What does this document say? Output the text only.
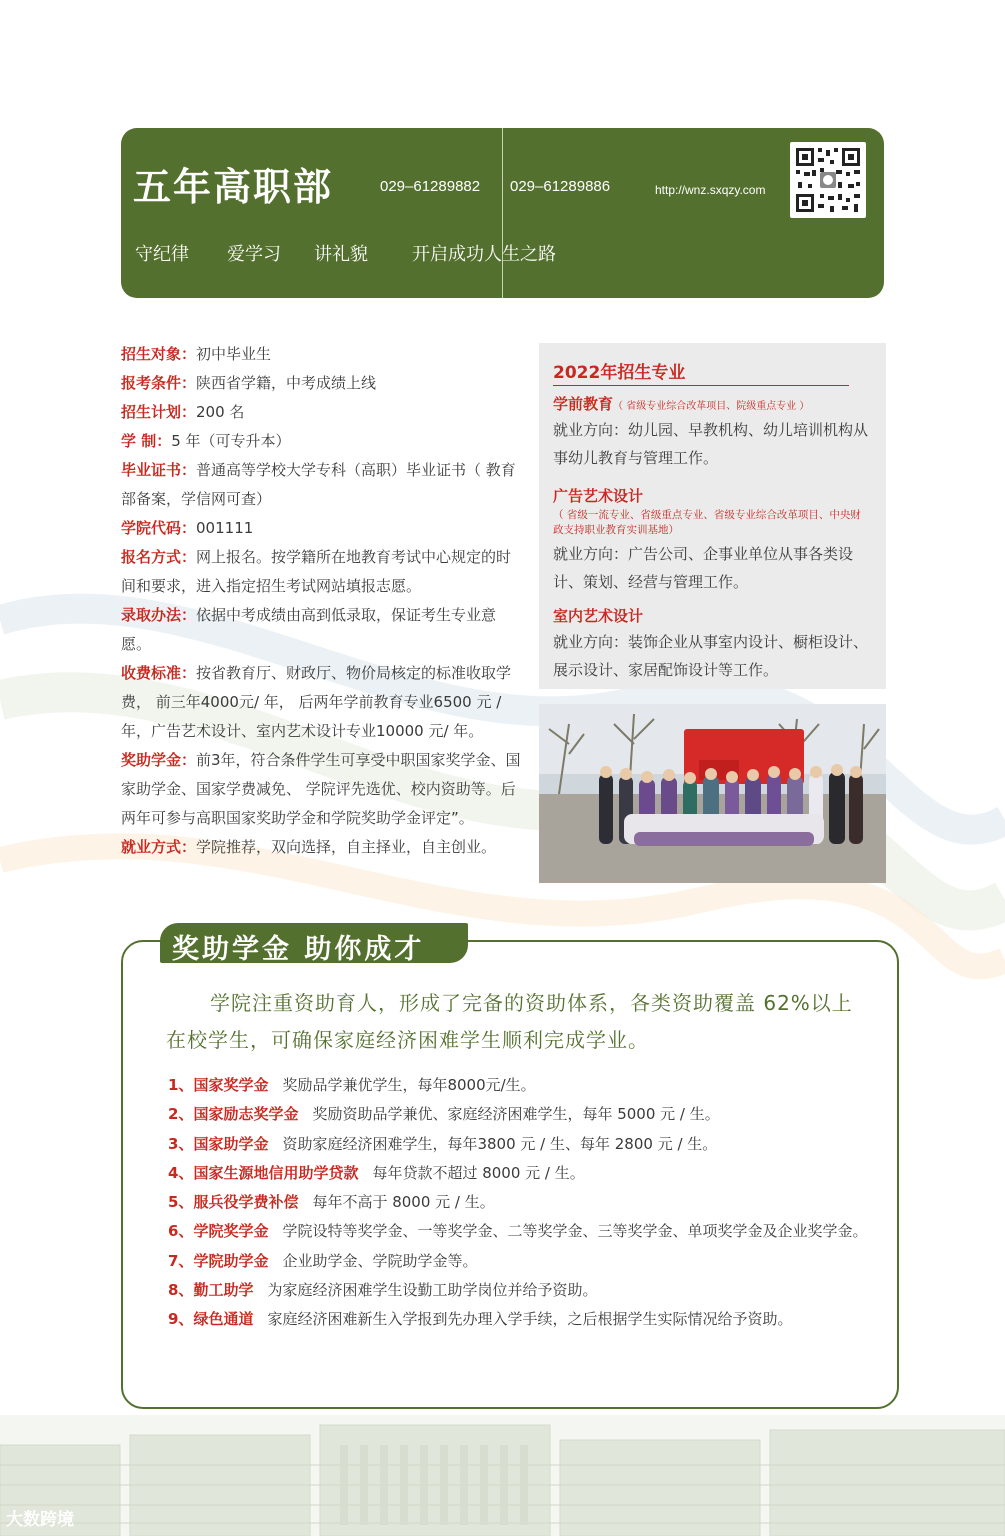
五年高职部	029–61289882 029–61289886	http://wnz.sxqzy.com
守纪律 爱学习 讲礼貌 开启成功人生之路

招生对象：初中毕业生

报考条件：陕西省学籍，中考成绩上线

招生计划：200 名

学 制：5 年（可专升本）

毕业证书：普通高等学校大学专科（高职）毕业证书（ 教育部备案，学信网可查）

学院代码：001111

报名方式：网上报名。按学籍所在地教育考试中心规定的时间和要求，进入指定招生考试网站填报志愿。

录取办法：依据中考成绩由高到低录取，保证考生专业意愿。

收费标准：按省教育厅、财政厅、物价局核定的标准收取学费， 前三年4000元/ 年， 后两年学前教育专业6500 元 / 年，广告艺术设计、室内艺术设计专业10000 元/ 年。

奖助学金：前3年，符合条件学生可享受中职国家奖学金、国家助学金、国家学费减免、 学院评先选优、校内资助等。后两年可参与高职国家奖助学金和学院奖助学金评定”。

就业方式：学院推荐，双向选择，自主择业，自主创业。

2022年招生专业
学前教育（ 省级专业综合改革项目、院级重点专业 ）
就业方向：幼儿园、早教机构、幼儿培训机构从事幼儿教育与管理工作。
广告艺术设计
（ 省级一流专业、省级重点专业、省级专业综合改革项目、中央财政支持职业教育实训基地）
就业方向：广告公司、企事业单位从事各类设计、策划、经营与管理工作。
室内艺术设计
就业方向：装饰企业从事室内设计、橱柜设计、展示设计、家居配饰设计等工作。
奖助学金 助你成才
学院注重资助育人，形成了完备的资助体系，各类资助覆盖 62%以上在校学生，可确保家庭经济困难学生顺利完成学业。
1、国家奖学金 奖励品学兼优学生，每年8000元/生。
2、国家励志奖学金 奖励资助品学兼优、家庭经济困难学生，每年 5000 元 / 生。
3、国家助学金 资助家庭经济困难学生，每年3800 元 / 生、每年 2800 元 / 生。
4、国家生源地信用助学贷款 每年贷款不超过 8000 元 / 生。
5、服兵役学费补偿 每年不高于 8000 元 / 生。
6、学院奖学金 学院设特等奖学金、一等奖学金、二等奖学金、三等奖学金、单项奖学金及企业奖学金。
7、学院助学金 企业助学金、学院助学金等。
8、勤工助学 为家庭经济困难学生设勤工助学岗位并给予资助。
9、绿色通道 家庭经济困难新生入学报到先办理入学手续，之后根据学生实际情况给予资助。
大数跨境
